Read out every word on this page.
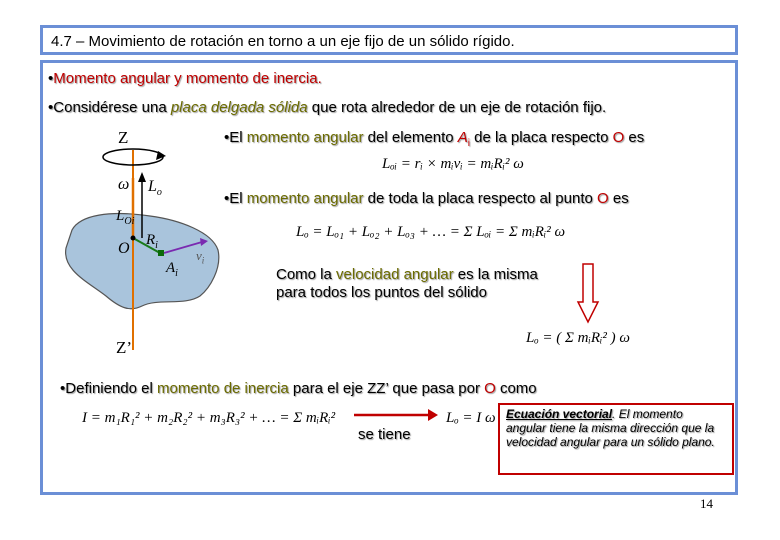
4.7 – Movimiento de rotación en torno a un eje fijo de un sólido rígido.
•Momento angular y momento de inercia.
•Considérese una placa delgada sólida que rota alrededor de un eje de rotación fijo.
•El momento angular del elemento $A_i$ de la placa respecto O es
Lₒᵢ = rᵢ × mᵢvᵢ = mᵢRᵢ² ω
•El momento angular de toda la placa respecto al punto O es
Lₒ = Lₒ₁ + Lₒ₂ + Lₒ₃ + … = Σ Lₒᵢ = Σ mᵢRᵢ² ω
Como la velocidad angular es la misma
para todos los puntos del sólido
Lₒ = ( Σ mᵢRᵢ² ) ω
•Definiendo el momento de inercia para el eje ZZ’ que pasa por O como
I = m₁R₁² + m₂R₂² + m₃R₃² + … = Σ mᵢRᵢ²
se tiene
Lₒ = I ω Ecuación vectorial. El momento angular tiene la misma dirección que la velocidad angular para un sólido plano.
Z
Z’
ω $L_o$
$L_{Oi}$
O $R_i$
$A_i$
$v_i$
14
